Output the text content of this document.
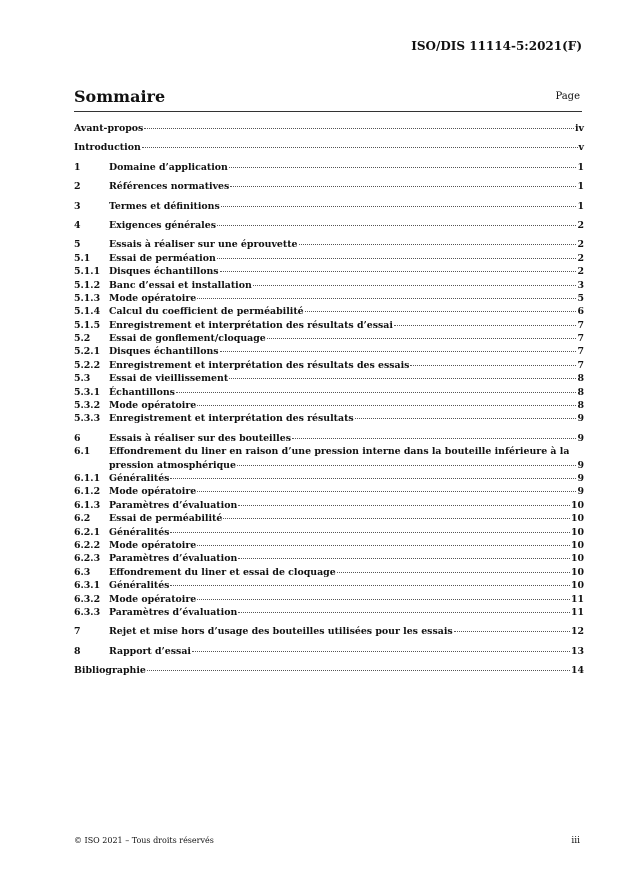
ISO/DIS 11114-5:2021(F)
Sommaire	Page
Avant-propos	iv
Introduction	v
1	Domaine d’application	1
2	Références normatives	1
3	Termes et définitions	1
4	Exigences générales	2
5	Essais à réaliser sur une éprouvette	2
5.1	Essai de perméation	2
5.1.1 Disques échantillons	2
5.1.2 Banc d’essai et installation	3
5.1.3 Mode opératoire	5
5.1.4 Calcul du coefficient de perméabilité	6
5.1.5 Enregistrement et interprétation des résultats d’essai	7
5.2	Essai de gonflement/cloquage	7
5.2.1 Disques échantillons	7
5.2.2 Enregistrement et interprétation des résultats des essais	7
5.3	Essai de vieillissement	8
5.3.1 Échantillons	8
5.3.2 Mode opératoire	8
5.3.3 Enregistrement et interprétation des résultats	9
6	Essais à réaliser sur des bouteilles	9
6.1	Effondrement du liner en raison d’une pression interne dans la bouteille inférieure à la
pression atmosphérique	9
6.1.1 Généralités	9
6.1.2 Mode opératoire	9
6.1.3 Paramètres d’évaluation	10
6.2	Essai de perméabilité	10
6.2.1 Généralités	10
6.2.2 Mode opératoire	10
6.2.3 Paramètres d’évaluation	10
6.3	Effondrement du liner et essai de cloquage	10
6.3.1 Généralités	10
6.3.2 Mode opératoire	11
6.3.3 Paramètres d’évaluation	11
7	Rejet et mise hors d’usage des bouteilles utilisées pour les essais	12
8	Rapport d’essai	13
Bibliographie	14
© ISO 2021 – Tous droits réservés	iii
